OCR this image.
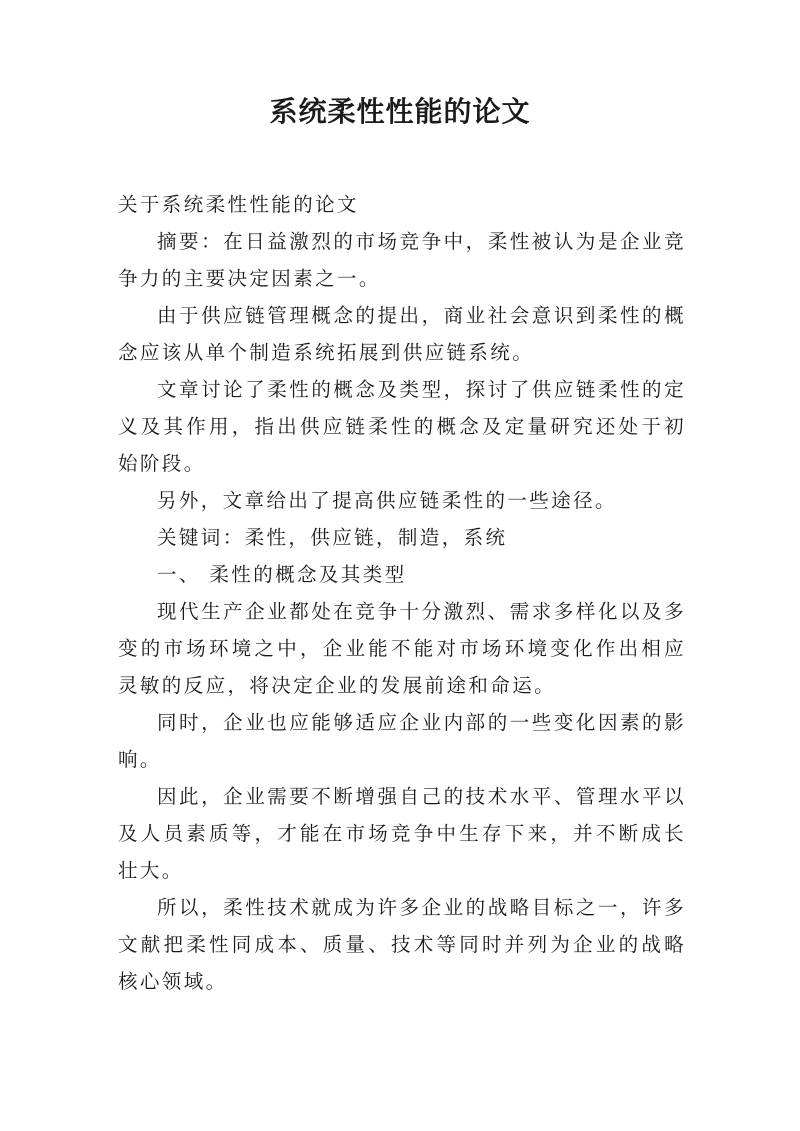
系统柔性性能的论文

关于系统柔性性能的论文

摘要：在日益激烈的市场竞争中，柔性被认为是企业竞争力的主要决定因素之一。

由于供应链管理概念的提出，商业社会意识到柔性的概念应该从单个制造系统拓展到供应链系统。

文章讨论了柔性的概念及类型，探讨了供应链柔性的定义及其作用，指出供应链柔性的概念及定量研究还处于初始阶段。

另外，文章给出了提高供应链柔性的一些途径。

关键词：柔性，供应链，制造，系统

一、 柔性的概念及其类型

现代生产企业都处在竞争十分激烈、需求多样化以及多变的市场环境之中，企业能不能对市场环境变化作出相应灵敏的反应，将决定企业的发展前途和命运。

同时，企业也应能够适应企业内部的一些变化因素的影响。

因此，企业需要不断增强自己的技术水平、管理水平以及人员素质等，才能在市场竞争中生存下来，并不断成长壮大。

所以，柔性技术就成为许多企业的战略目标之一，许多文献把柔性同成本、质量、技术等同时并列为企业的战略核心领域。
